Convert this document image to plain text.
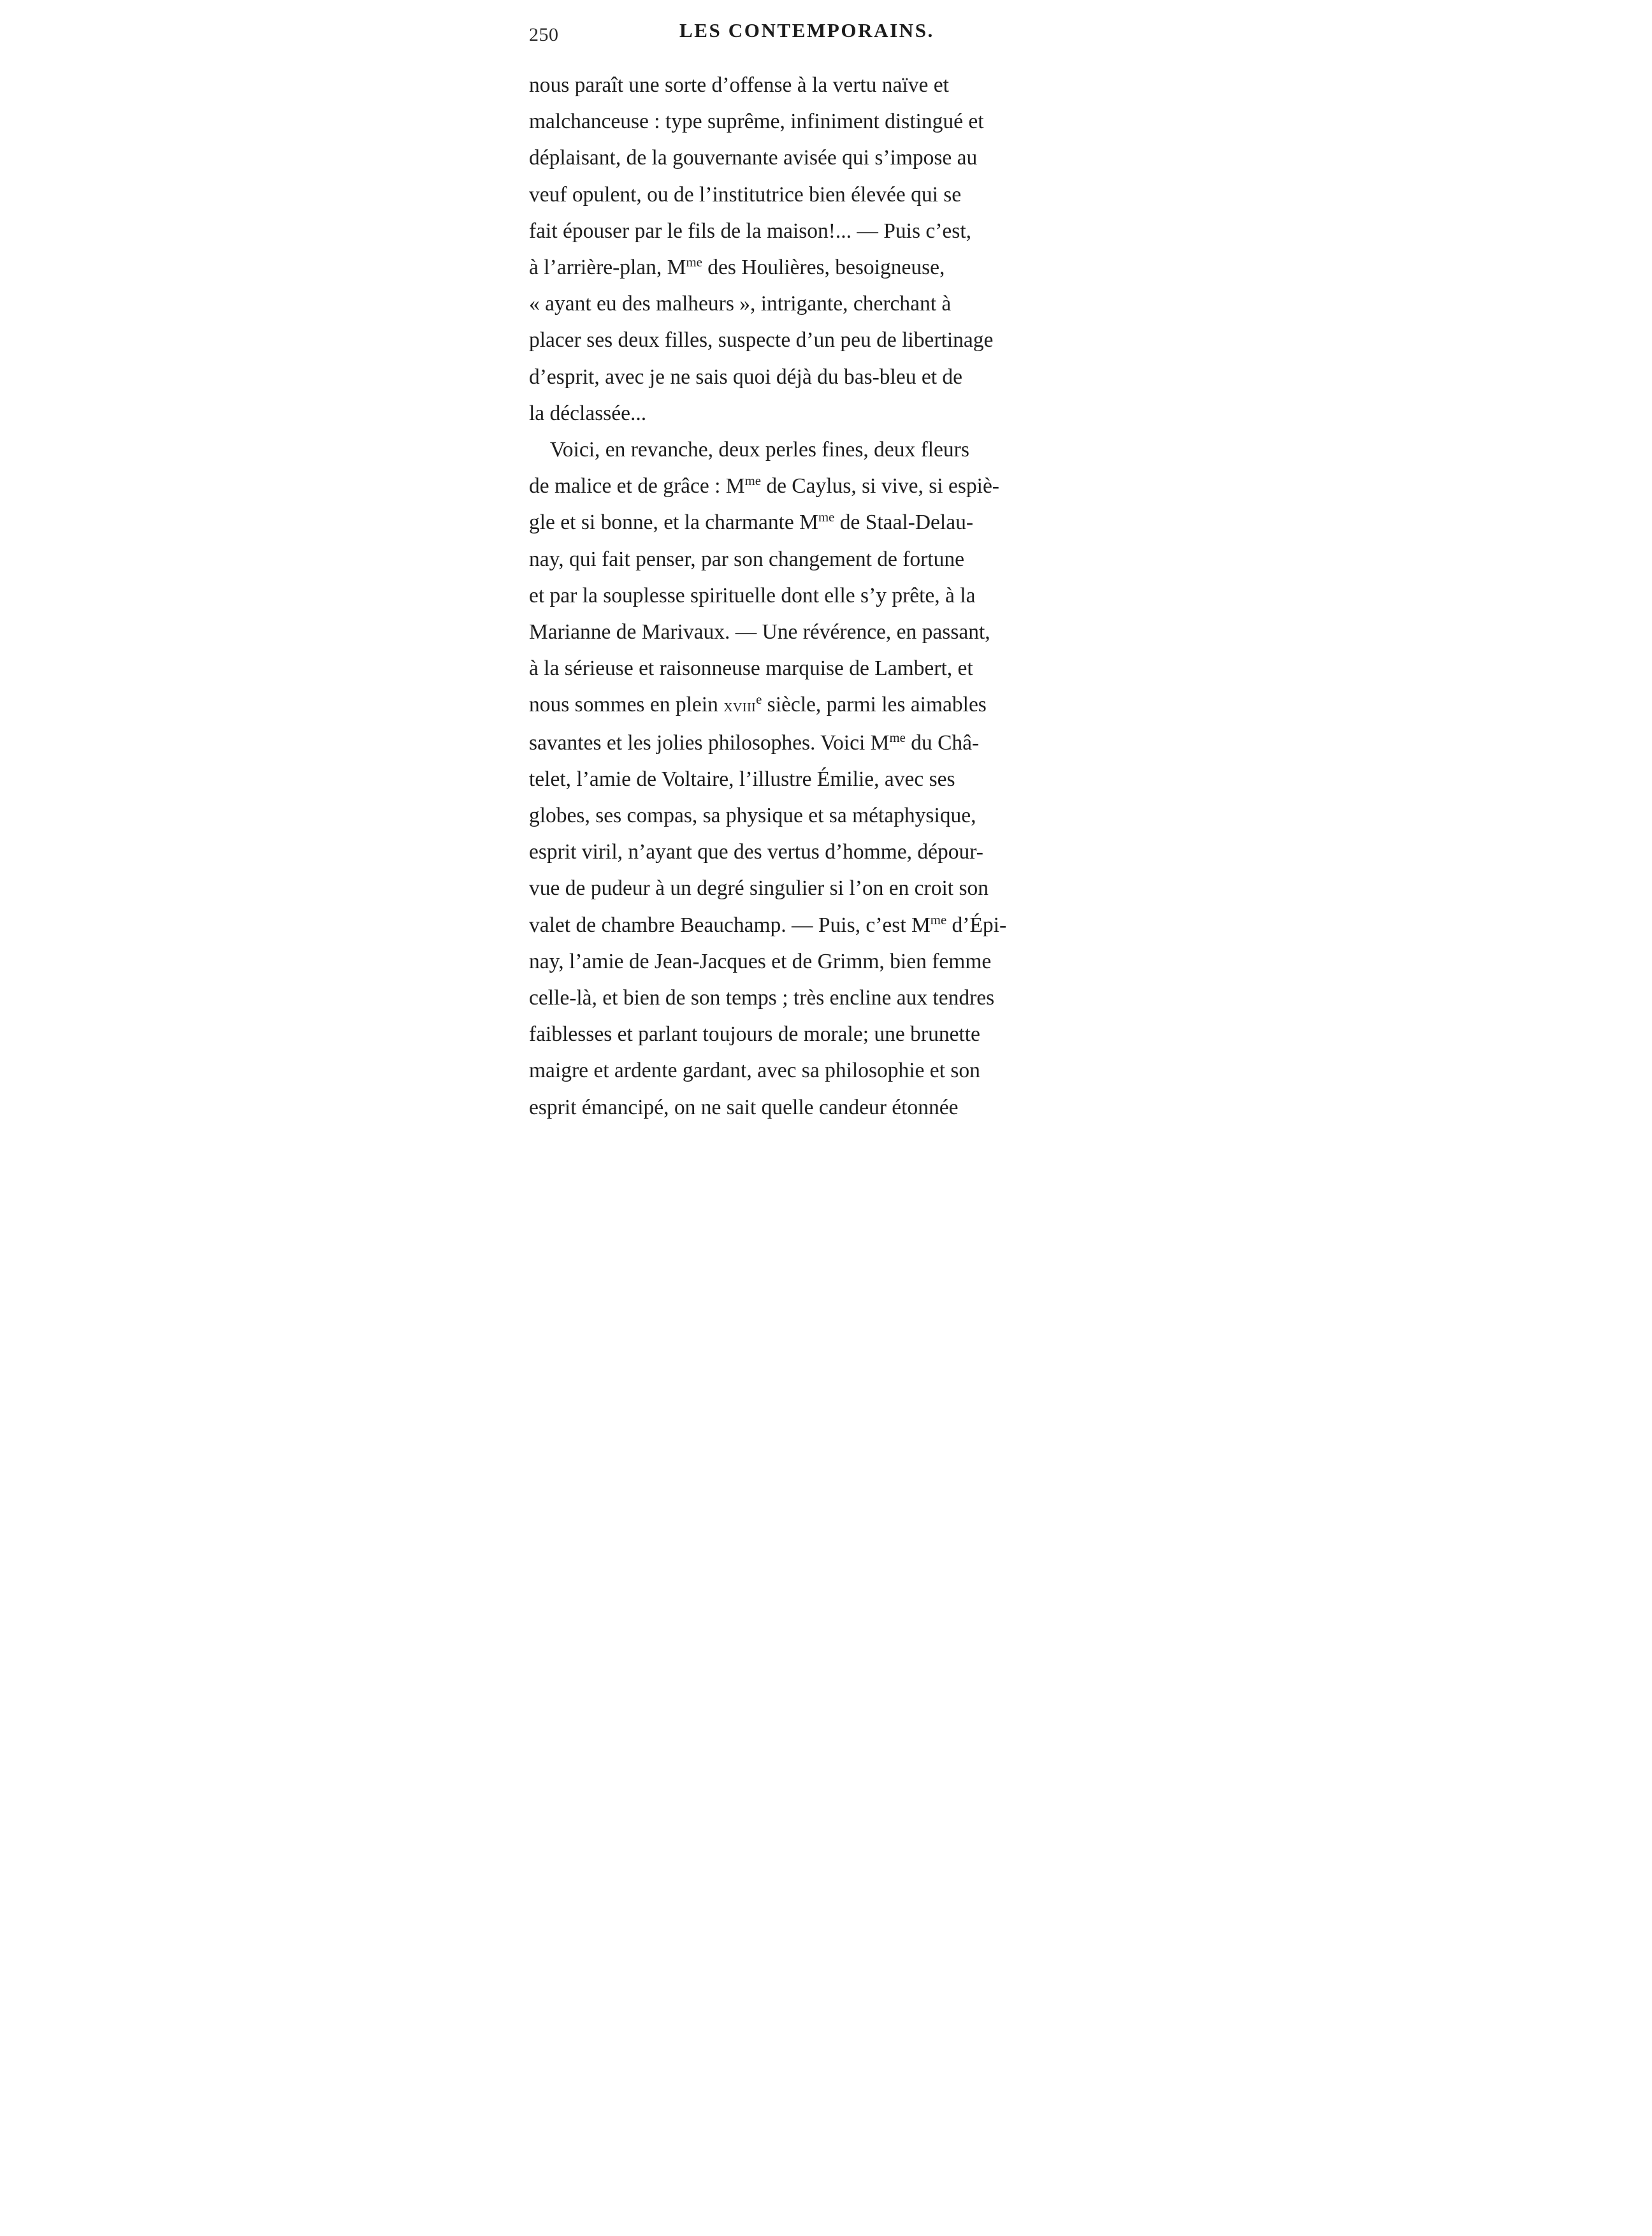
250	LES CONTEMPORAINS.

nous paraît une sorte d’offense à la vertu naïve et
malchanceuse : type suprême, infiniment distingué et
déplaisant, de la gouvernante avisée qui s’impose au
veuf opulent, ou de l’institutrice bien élevée qui se
fait épouser par le fils de la maison!... — Puis c’est,
à l’arrière-plan, $M^{me}$ des Houlières, besoigneuse,
« ayant eu des malheurs », intrigante, cherchant à
placer ses deux filles, suspecte d’un peu de libertinage
d’esprit, avec je ne sais quoi déjà du bas-bleu et de
la déclassée...

Voici, en revanche, deux perles fines, deux fleurs
de malice et de grâce : $M^{me}$ de Caylus, si vive, si espiè-
gle et si bonne, et la charmante $M^{me}$ de Staal-Delau-
nay, qui fait penser, par son changement de fortune
et par la souplesse spirituelle dont elle s’y prête, à la
Marianne de Marivaux. — Une révérence, en passant,
à la sérieuse et raisonneuse marquise de Lambert, et
nous sommes en plein xviii$^e$ siècle, parmi les aimables
savantes et les jolies philosophes. Voici $M^{me}$ du Châ-
telet, l’amie de Voltaire, l’illustre Émilie, avec ses
globes, ses compas, sa physique et sa métaphysique,
esprit viril, n’ayant que des vertus d’homme, dépour-
vue de pudeur à un degré singulier si l’on en croit son
valet de chambre Beauchamp. — Puis, c’est $M^{me}$ d’Épi-
nay, l’amie de Jean-Jacques et de Grimm, bien femme
celle-là, et bien de son temps ; très encline aux tendres
faiblesses et parlant toujours de morale; une brunette
maigre et ardente gardant, avec sa philosophie et son
esprit émancipé, on ne sait quelle candeur étonnée
